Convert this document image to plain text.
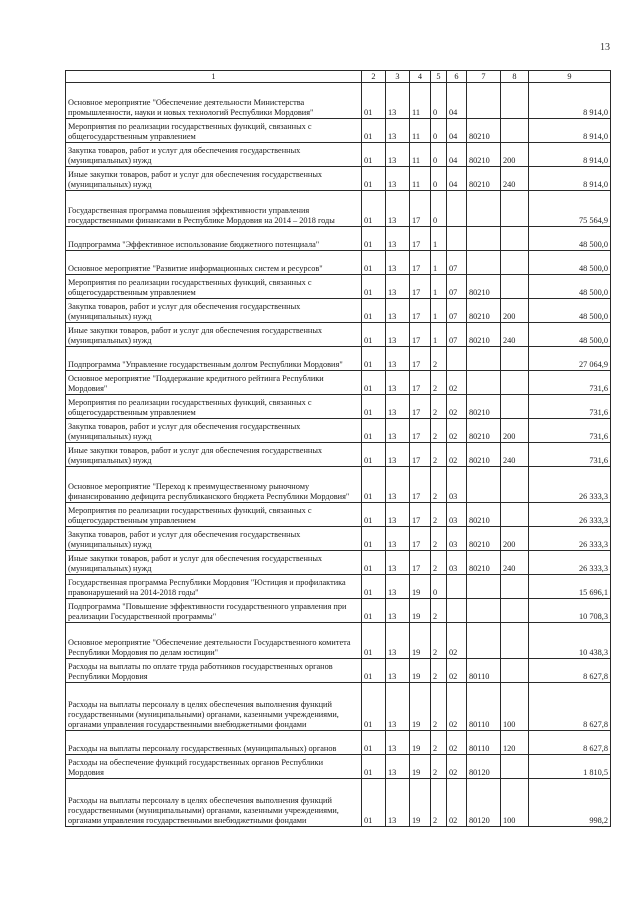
13
1	2	3	4	5	6	7	8	9

Основное мероприятие "Обеспечение деятельности Министерства промышленности, науки и новых технологий Республики Мордовия"	01	13	11	0	04			8 914,0

Мероприятия по реализации государственных функций, связанных с общегосударственным управлением	01	13	11	0	04	80210		8 914,0

Закупка товаров, работ и услуг для обеспечения государственных (муниципальных) нужд	01	13	11	0	04	80210	200	8 914,0

Иные закупки товаров, работ и услуг для обеспечения государственных (муниципальных) нужд	01	13	11	0	04	80210	240	8 914,0

Государственная программа повышения эффективности управления государственными финансами в Республике Мордовия на 2014 – 2018 годы	01	13	17	0				75 564,9

Подпрограмма "Эффективное использование бюджетного потенциала"	01	13	17	1				48 500,0

Основное мероприятие "Развитие информационных систем и ресурсов"	01	13	17	1	07			48 500,0

Мероприятия по реализации государственных функций, связанных с общегосударственным управлением	01	13	17	1	07	80210		48 500,0

Закупка товаров, работ и услуг для обеспечения государственных (муниципальных) нужд	01	13	17	1	07	80210	200	48 500,0

Иные закупки товаров, работ и услуг для обеспечения государственных (муниципальных) нужд	01	13	17	1	07	80210	240	48 500,0

Подпрограмма "Управление государственным долгом Республики Мордовия"	01	13	17	2				27 064,9

Основное мероприятие "Поддержание кредитного рейтинга Республики Мордовия"	01	13	17	2	02			731,6

Мероприятия по реализации государственных функций, связанных с общегосударственным управлением	01	13	17	2	02	80210		731,6

Закупка товаров, работ и услуг для обеспечения государственных (муниципальных) нужд	01	13	17	2	02	80210	200	731,6

Иные закупки товаров, работ и услуг для обеспечения государственных (муниципальных) нужд	01	13	17	2	02	80210	240	731,6

Основное мероприятие "Переход к преимущественному рыночному финансированию дефицита республиканского бюджета Республики Мордовия"	01	13	17	2	03			26 333,3

Мероприятия по реализации государственных функций, связанных с общегосударственным управлением	01	13	17	2	03	80210		26 333,3

Закупка товаров, работ и услуг для обеспечения государственных (муниципальных) нужд	01	13	17	2	03	80210	200	26 333,3

Иные закупки товаров, работ и услуг для обеспечения государственных (муниципальных) нужд	01	13	17	2	03	80210	240	26 333,3

Государственная программа Республики Мордовия "Юстиция и профилактика правонарушений на 2014-2018 годы"	01	13	19	0				15 696,1

Подпрограмма "Повышение эффективности государственного управления при реализации Государственной программы"	01	13	19	2				10 708,3

Основное мероприятие "Обеспечение деятельности Государственного комитета Республики Мордовия по делам юстиции"	01	13	19	2	02			10 438,3

Расходы на выплаты по оплате труда работников государственных органов Республики Мордовия	01	13	19	2	02	80110		8 627,8

Расходы на выплаты персоналу в целях обеспечения выполнения функций государственными (муниципальными) органами, казенными учреждениями, органами управления государственными внебюджетными фондами	01	13	19	2	02	80110	100	8 627,8

Расходы на выплаты персоналу государственных (муниципальных) органов	01	13	19	2	02	80110	120	8 627,8

Расходы на обеспечение функций государственных органов Республики Мордовия	01	13	19	2	02	80120		1 810,5

Расходы на выплаты персоналу в целях обеспечения выполнения функций государственными (муниципальными) органами, казенными учреждениями, органами управления государственными внебюджетными фондами	01	13	19	2	02	80120	100	998,2
